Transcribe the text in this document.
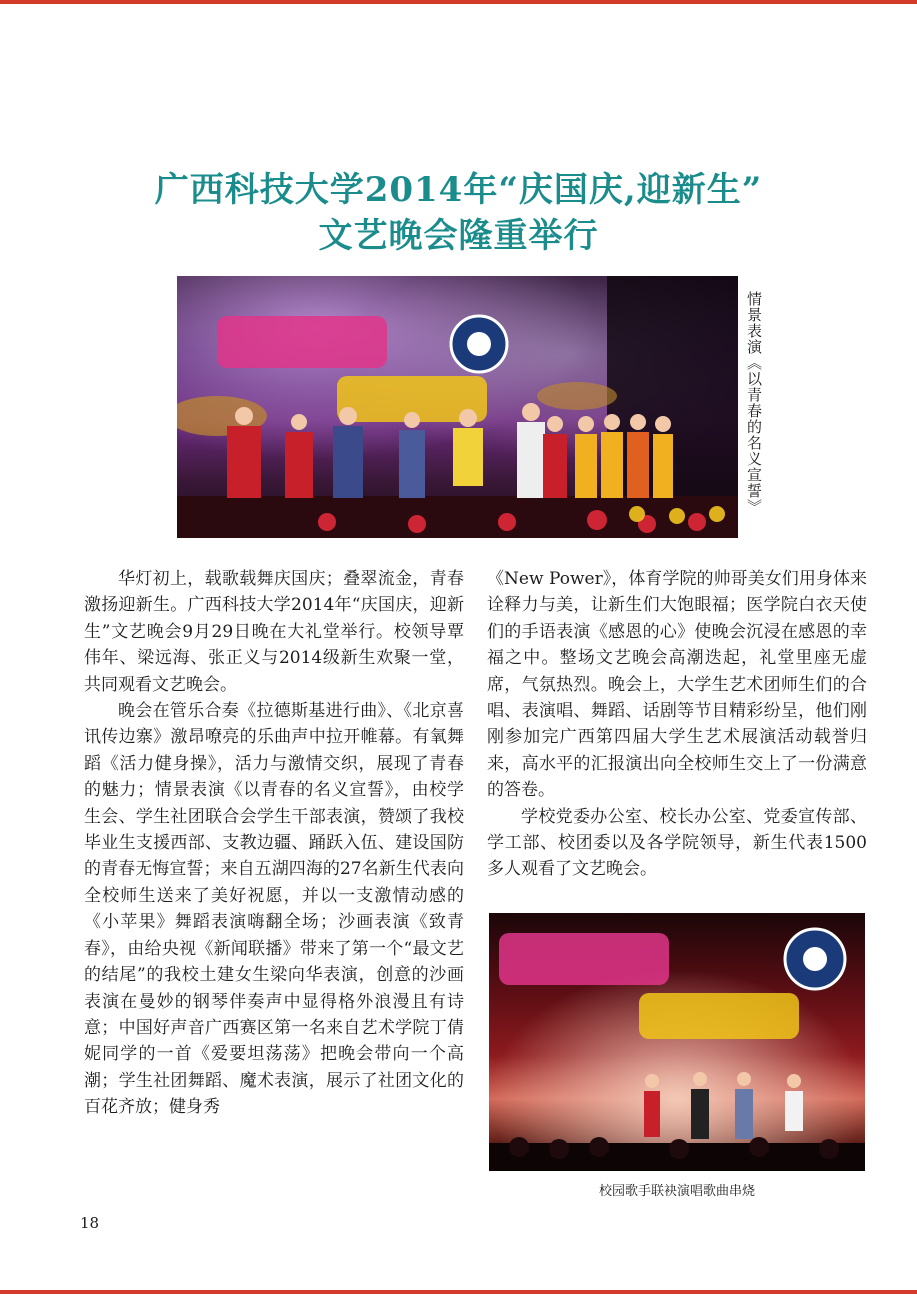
广西科技大学2014年“庆国庆,迎新生”
文艺晚会隆重举行
情景表演《以青春的名义宣誓》

华灯初上，载歌载舞庆国庆；叠翠流金，青春激扬迎新生。广西科技大学2014年“庆国庆，迎新生”文艺晚会9月29日晚在大礼堂举行。校领导覃伟年、梁远海、张正义与2014级新生欢聚一堂，共同观看文艺晚会。

晚会在管乐合奏《拉德斯基进行曲》、《北京喜讯传边寨》激昂嘹亮的乐曲声中拉开帷幕。有氧舞蹈《活力健身操》，活力与激情交织，展现了青春的魅力；情景表演《以青春的名义宣誓》，由校学生会、学生社团联合会学生干部表演，赞颂了我校毕业生支援西部、支教边疆、踊跃入伍、建设国防的青春无悔宣誓；来自五湖四海的27名新生代表向全校师生送来了美好祝愿，并以一支激情动感的《小苹果》舞蹈表演嗨翻全场；沙画表演《致青春》，由给央视《新闻联播》带来了第一个“最文艺的结尾”的我校土建女生梁向华表演，创意的沙画表演在曼妙的钢琴伴奏声中显得格外浪漫且有诗意；中国好声音广西赛区第一名来自艺术学院丁倩妮同学的一首《爱要坦荡荡》把晚会带向一个高潮；学生社团舞蹈、魔术表演，展示了社团文化的百花齐放；健身秀

《New Power》，体育学院的帅哥美女们用身体来诠释力与美，让新生们大饱眼福；医学院白衣天使们的手语表演《感恩的心》使晚会沉浸在感恩的幸福之中。整场文艺晚会高潮迭起，礼堂里座无虚席，气氛热烈。晚会上，大学生艺术团师生们的合唱、表演唱、舞蹈、话剧等节目精彩纷呈，他们刚刚参加完广西第四届大学生艺术展演活动载誉归来，高水平的汇报演出向全校师生交上了一份满意的答卷。

学校党委办公室、校长办公室、党委宣传部、学工部、校团委以及各学院领导，新生代表1500多人观看了文艺晚会。

校园歌手联袂演唱歌曲串烧
18
